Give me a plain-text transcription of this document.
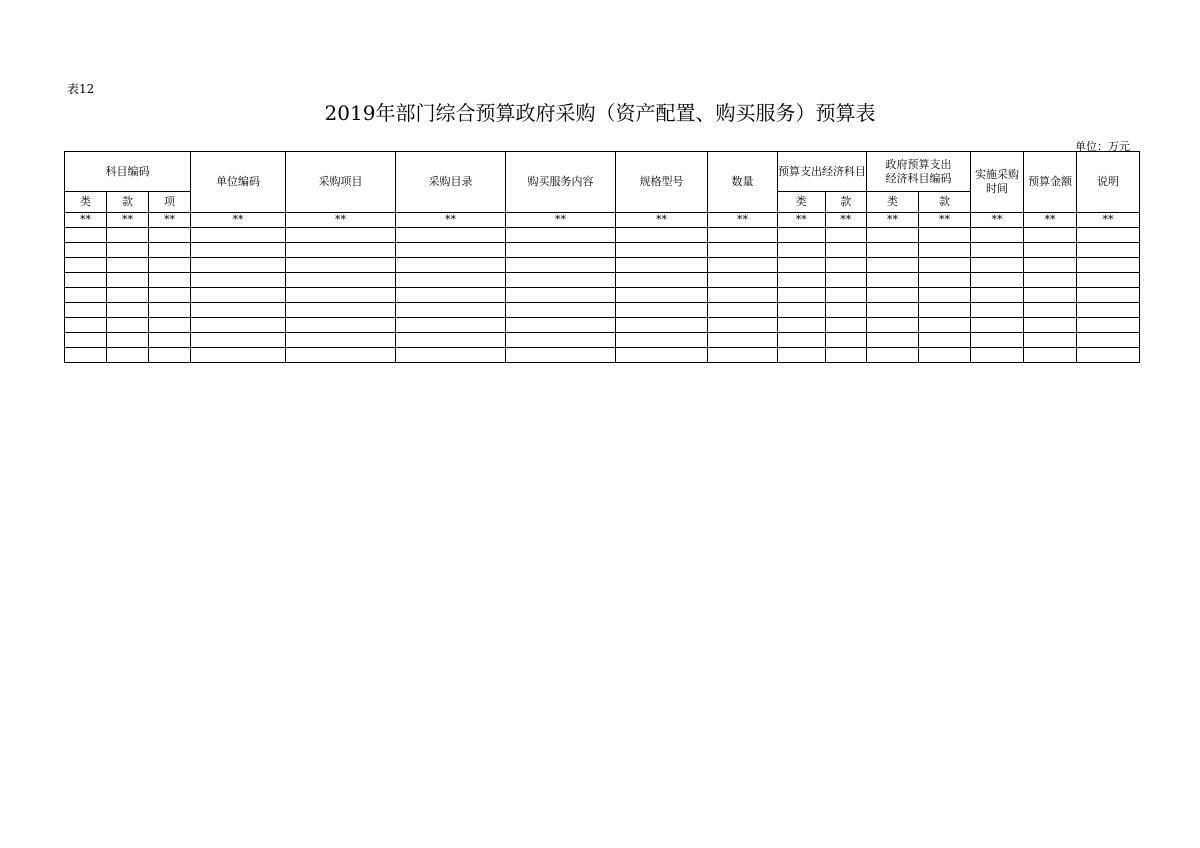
表12
2019年部门综合预算政府采购（资产配置、购买服务）预算表
单位：万元
科目编码			单位编码	采购项目	采购目录	购买服务内容	规格型号	数量	预算支出经济科目		政府预算支出经济科目编码		实施采购时间	预算金额	说明
类	款	项							类	款	类	款			
**	**	**	**	**	**	**	**	**	**	**	**	**	**	**	**
